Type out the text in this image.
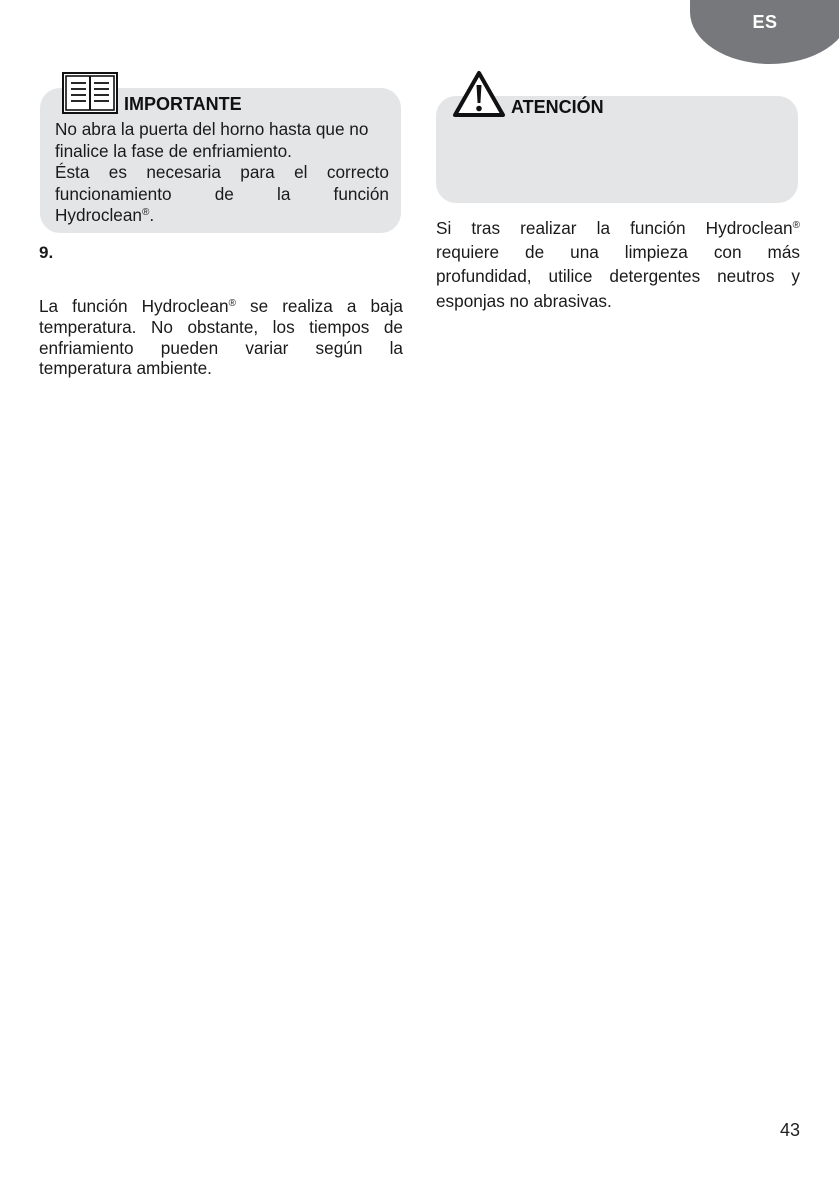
ES

No abra la puerta del horno hasta que no
finalice la fase de enfriamiento.
Ésta es necesaria para el correcto
funcionamiento de la función
Hydroclean®.

IMPORTANTE	ATENCIÓN
9.

La función Hydroclean® se realiza a baja
temperatura. No obstante, los tiempos de
enfriamiento pueden variar según la
temperatura ambiente.

Si tras realizar la función Hydroclean®
requiere de una limpieza con más
profundidad, utilice detergentes neutros y
esponjas no abrasivas.

43
